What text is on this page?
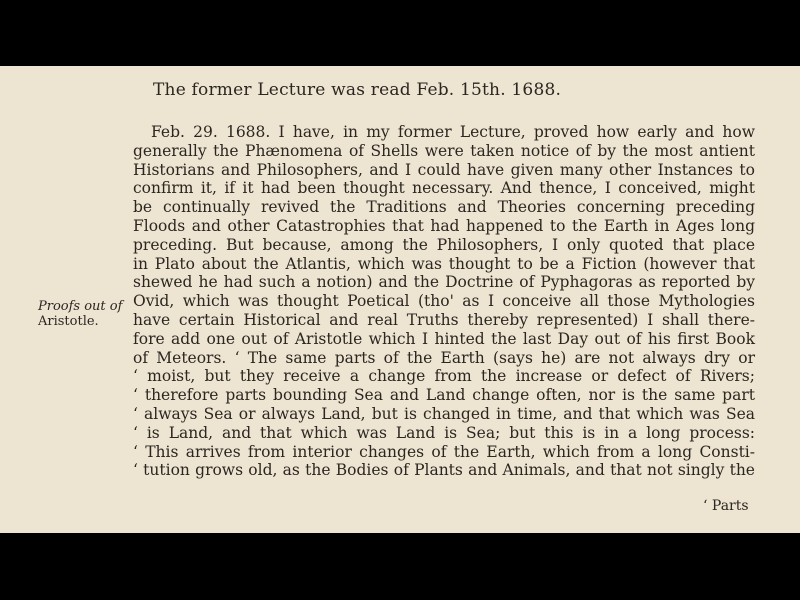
The former Lecture was read Feb. 15th. 1688.
Proofs out of
Aristotle.
Feb. 29. 1688. I have, in my former Lecture, proved how early and how
generally the Phænomena of Shells were taken notice of by the most antient
Historians and Philosophers, and I could have given many other Instances to
confirm it, if it had been thought necessary. And thence, I conceived, might
be continually revived the Traditions and Theories concerning preceding
Floods and other Catastrophies that had happened to the Earth in Ages long
preceding. But because, among the Philosophers, I only quoted that place
in Plato about the Atlantis, which was thought to be a Fiction (however that
shewed he had such a notion) and the Doctrine of Pyphagoras as reported by
Ovid, which was thought Poetical (tho' as I conceive all those Mythologies
have certain Historical and real Truths thereby represented) I shall there-
fore add one out of Aristotle which I hinted the last Day out of his first Book
of Meteors. ‘ The same parts of the Earth (says he) are not always dry or
‘ moist, but they receive a change from the increase or defect of Rivers;
‘ therefore parts bounding Sea and Land change often, nor is the same part
‘ always Sea or always Land, but is changed in time, and that which was Sea
‘ is Land, and that which was Land is Sea; but this is in a long process:
‘ This arrives from interior changes of the Earth, which from a long Consti-
‘ tution grows old, as the Bodies of Plants and Animals, and that not singly the
‘ Parts
